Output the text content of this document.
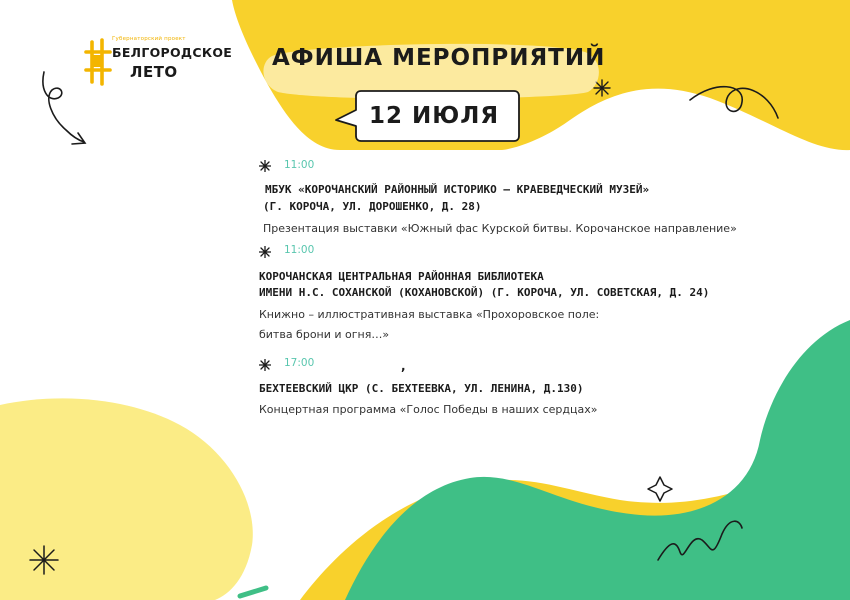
Губернаторский проект
БЕЛГОРОДСКОЕ
ЛЕТО
АФИША МЕРОПРИЯТИЙ
12 ИЮЛЯ
11:00
МБУК «КОРОЧАНСКИЙ РАЙОННЫЙ ИСТОРИКО – КРАЕВЕДЧЕСКИЙ МУЗЕЙ»
(Г. КОРОЧА, УЛ. ДОРОШЕНКО, Д. 28)
Презентация выставки «Южный фас Курской битвы. Корочанское направление»
11:00
КОРОЧАНСКАЯ ЦЕНТРАЛЬНАЯ РАЙОННАЯ БИБЛИОТЕКА
ИМЕНИ Н.С. СОХАНСКОЙ (КОХАНОВСКОЙ) (Г. КОРОЧА, УЛ. СОВЕТСКАЯ, Д. 24)
Книжно – иллюстративная выставка «Прохоровское поле:
битва брони и огня…»
,
17:00
БЕХТЕЕВСКИЙ ЦКР (С. БЕХТЕЕВКА, УЛ. ЛЕНИНА, Д.130)
Концертная программа «Голос Победы в наших сердцах»
